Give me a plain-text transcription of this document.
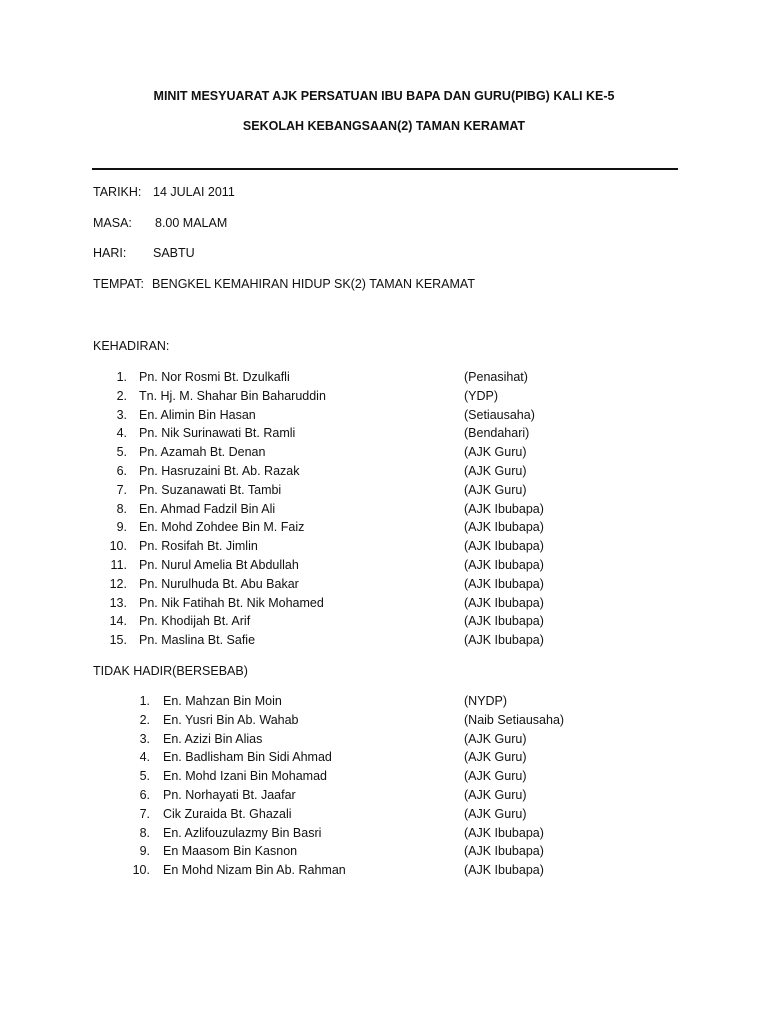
MINIT MESYUARAT AJK PERSATUAN IBU BAPA DAN GURU(PIBG) KALI KE-5
SEKOLAH KEBANGSAAN(2) TAMAN KERAMAT
TARIKH: 14 JULAI 2011
MASA: 8.00 MALAM
HARI: SABTU
TEMPAT: BENGKEL KEMAHIRAN HIDUP SK(2) TAMAN KERAMAT
KEHADIRAN:
1. Pn. Nor Rosmi Bt. Dzulkafli	(Penasihat)
2. Tn. Hj. M. Shahar Bin Baharuddin	(YDP)
3. En. Alimin Bin Hasan	(Setiausaha)
4. Pn. Nik Surinawati Bt. Ramli	(Bendahari)
5. Pn. Azamah Bt. Denan	(AJK Guru)
6. Pn. Hasruzaini Bt. Ab. Razak	(AJK Guru)
7. Pn. Suzanawati Bt. Tambi	(AJK Guru)
8. En. Ahmad Fadzil Bin Ali	(AJK Ibubapa)
9. En. Mohd Zohdee Bin M. Faiz	(AJK Ibubapa)
10. Pn. Rosifah Bt. Jimlin	(AJK Ibubapa)
11. Pn. Nurul Amelia Bt Abdullah	(AJK Ibubapa)
12. Pn. Nurulhuda Bt. Abu Bakar	(AJK Ibubapa)
13. Pn. Nik Fatihah Bt. Nik Mohamed	(AJK Ibubapa)
14. Pn. Khodijah Bt. Arif	(AJK Ibubapa)
15. Pn. Maslina Bt. Safie	(AJK Ibubapa)
TIDAK HADIR(BERSEBAB)
1. En. Mahzan Bin Moin	(NYDP)
2. En. Yusri Bin Ab. Wahab	(Naib Setiausaha)
3. En. Azizi Bin Alias	(AJK Guru)
4. En. Badlisham Bin Sidi Ahmad	(AJK Guru)
5. En. Mohd Izani Bin Mohamad	(AJK Guru)
6. Pn. Norhayati Bt. Jaafar	(AJK Guru)
7. Cik Zuraida Bt. Ghazali	(AJK Guru)
8. En. Azlifouzulazmy Bin Basri	(AJK Ibubapa)
9. En Maasom Bin Kasnon	(AJK Ibubapa)
10. En Mohd Nizam Bin Ab. Rahman	(AJK Ibubapa)
